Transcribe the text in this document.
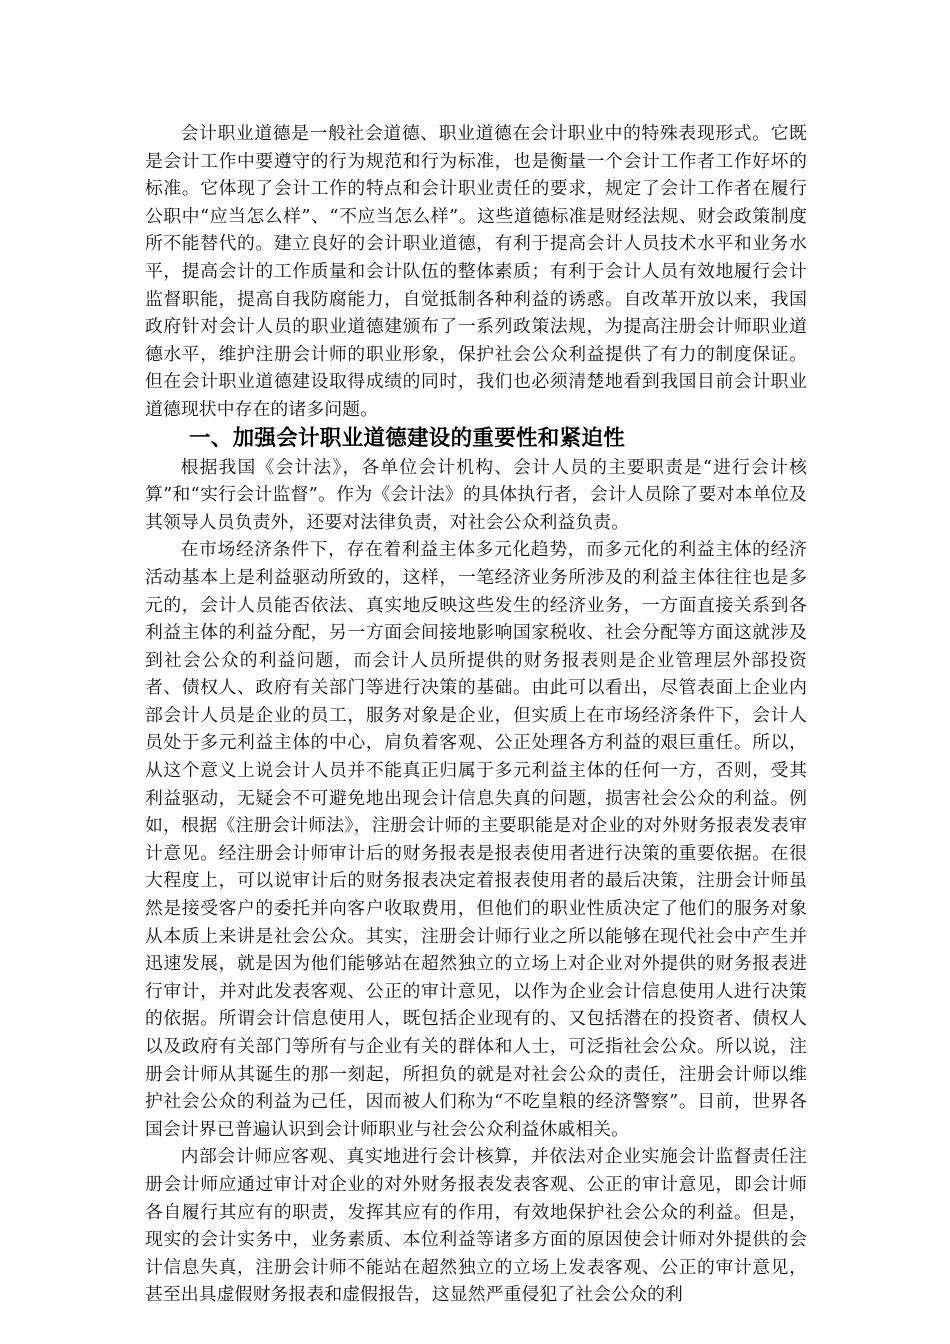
会计职业道德是一般社会道德、职业道德在会计职业中的特殊表现形式。它既是会计工作中要遵守的行为规范和行为标准，也是衡量一个会计工作者工作好坏的标准。它体现了会计工作的特点和会计职业责任的要求，规定了会计工作者在履行公职中“应当怎么样”、“不应当怎么样”。这些道德标准是财经法规、财会政策制度所不能替代的。建立良好的会计职业道德，有利于提高会计人员技术水平和业务水平，提高会计的工作质量和会计队伍的整体素质；有利于会计人员有效地履行会计监督职能，提高自我防腐能力，自觉抵制各种利益的诱惑。自改革开放以来，我国政府针对会计人员的职业道德建颁布了一系列政策法规，为提高注册会计师职业道德水平，维护注册会计师的职业形象，保护社会公众利益提供了有力的制度保证。但在会计职业道德建设取得成绩的同时，我们也必须清楚地看到我国目前会计职业道德现状中存在的诸多问题。

一、加强会计职业道德建设的重要性和紧迫性

根据我国《会计法》，各单位会计机构、会计人员的主要职责是“进行会计核算”和“实行会计监督”。作为《会计法》的具体执行者，会计人员除了要对本单位及其领导人员负责外，还要对法律负责，对社会公众利益负责。

在市场经济条件下，存在着利益主体多元化趋势，而多元化的利益主体的经济活动基本上是利益驱动所致的，这样，一笔经济业务所涉及的利益主体往往也是多元的，会计人员能否依法、真实地反映这些发生的经济业务，一方面直接关系到各利益主体的利益分配，另一方面会间接地影响国家税收、社会分配等方面这就涉及到社会公众的利益问题，而会计人员所提供的财务报表则是企业管理层外部投资者、债权人、政府有关部门等进行决策的基础。由此可以看出，尽管表面上企业内部会计人员是企业的员工，服务对象是企业，但实质上在市场经济条件下，会计人员处于多元利益主体的中心，肩负着客观、公正处理各方利益的艰巨重任。所以，从这个意义上说会计人员并不能真正归属于多元利益主体的任何一方，否则，受其利益驱动，无疑会不可避免地出现会计信息失真的问题，损害社会公众的利益。例如，根据《注册会计师法》，注册会计师的主要职能是对企业的对外财务报表发表审计意见。经注册会计师审计后的财务报表是报表使用者进行决策的重要依据。在很大程度上，可以说审计后的财务报表决定着报表使用者的最后决策，注册会计师虽然是接受客户的委托并向客户收取费用，但他们的职业性质决定了他们的服务对象从本质上来讲是社会公众。其实，注册会计师行业之所以能够在现代社会中产生并迅速发展，就是因为他们能够站在超然独立的立场上对企业对外提供的财务报表进行审计，并对此发表客观、公正的审计意见，以作为企业会计信息使用人进行决策的依据。所谓会计信息使用人，既包括企业现有的、又包括潜在的投资者、债权人以及政府有关部门等所有与企业有关的群体和人士，可泛指社会公众。所以说，注册会计师从其诞生的那一刻起，所担负的就是对社会公众的责任，注册会计师以维护社会公众的利益为己任，因而被人们称为“不吃皇粮的经济警察”。目前，世界各国会计界已普遍认识到会计师职业与社会公众利益休戚相关。

内部会计师应客观、真实地进行会计核算，并依法对企业实施会计监督责任注册会计师应通过审计对企业的对外财务报表发表客观、公正的审计意见，即会计师各自履行其应有的职责，发挥其应有的作用，有效地保护社会公众的利益。但是，现实的会计实务中，业务素质、本位利益等诸多方面的原因使会计师对外提供的会计信息失真，注册会计师不能站在超然独立的立场上发表客观、公正的审计意见，甚至出具虚假财务报表和虚假报告，这显然严重侵犯了社会公众的利
